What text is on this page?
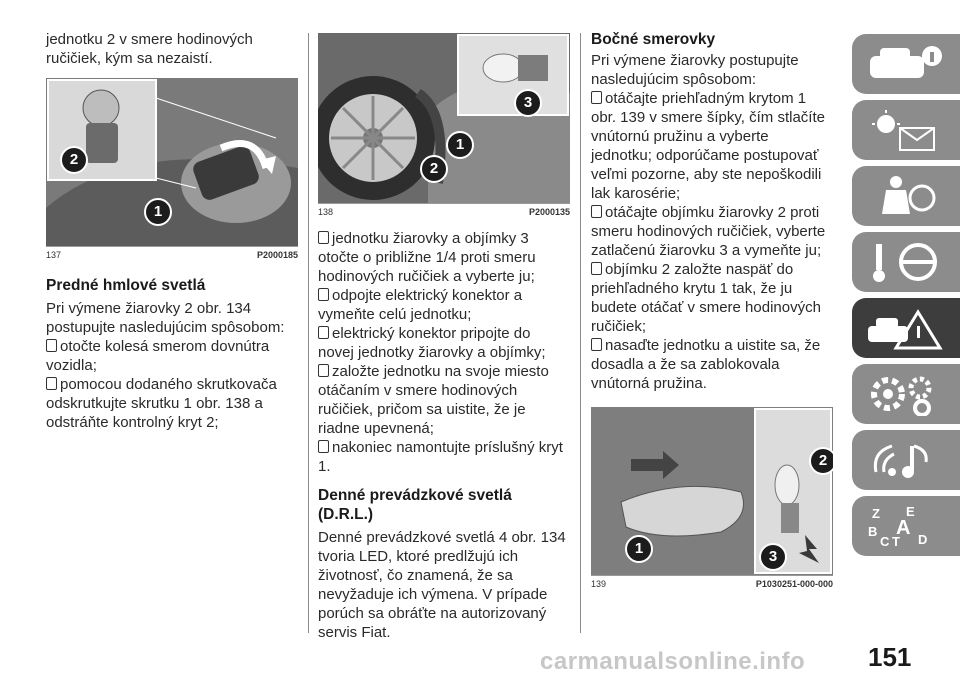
jednotku 2 v smere hodinových ručičiek, kým sa nezaistí.

1
2
137	P2000185
Predné hmlové svetlá

Pri výmene žiarovky 2 obr. 134 postupujte nasledujúcim spôsobom:

otočte kolesá smerom dovnútra vozidla;

pomocou dodaného skrutkovača odskrutkujte skrutku 1 obr. 138 a odstráňte kontrolný kryt 2;

1
2
3
138	P2000135

jednotku žiarovky a objímky 3 otočte o približne 1/4 proti smeru hodinových ručičiek a vyberte ju;

odpojte elektrický konektor a vymeňte celú jednotku;

elektrický konektor pripojte do novej jednotky žiarovky a objímky;

založte jednotku na svoje miesto otáčaním v smere hodinových ručičiek, pričom sa uistite, že je riadne upevnená;

nakoniec namontujte príslušný kryt 1.

Denné prevádzkové svetlá (D.R.L.)

Denné prevádzkové svetlá 4 obr. 134 tvoria LED, ktoré predlžujú ich životnosť, čo znamená, že sa nevyžaduje ich výmena. V prípade porúch sa obráťte na autorizovaný servis Fiat.

Bočné smerovky

Pri výmene žiarovky postupujte nasledujúcim spôsobom:

otáčajte priehľadným krytom 1 obr. 139 v smere šípky, čím stlačíte vnútornú pružinu a vyberte jednotku; odporúčame postupovať veľmi pozorne, aby ste nepoškodili lak karosérie;

otáčajte objímku žiarovky 2 proti smeru hodinových ručičiek, vyberte zatlačenú žiarovku 3 a vymeňte ju;

objímku 2 založte naspäť do priehľadného krytu 1 tak, že ju budete otáčať v smere hodinových ručičiek;

nasaďte jednotku a uistite sa, že dosadla a že sa zablokovala vnútorná pružina.

1
2
3
139	P1030251-000-000
Z E
B A
C T D
151
carmanualsonline.info
